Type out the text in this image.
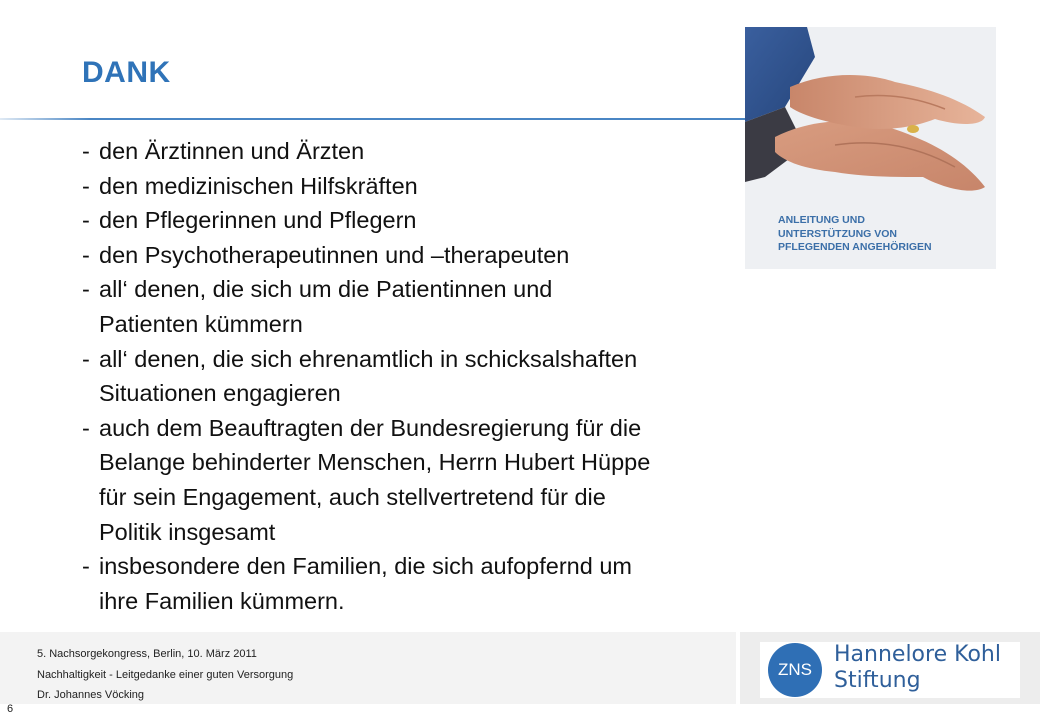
DANK
- den Ärztinnen und Ärzten
- den medizinischen Hilfskräften
- den Pflegerinnen und Pflegern
- den Psychotherapeutinnen und –therapeuten
- all‘ denen, die sich um die Patientinnen und
Patienten kümmern
- all‘ denen, die sich ehrenamtlich in schicksalshaften
Situationen engagieren
- auch dem Beauftragten der Bundesregierung für die
Belange behinderter Menschen, Herrn Hubert Hüppe
für sein Engagement, auch stellvertretend für die
Politik insgesamt
- insbesondere den Familien, die sich aufopfernd um
ihre Familien kümmern.
ANLEITUNG UND
UNTERSTÜTZUNG VON
PFLEGENDEN ANGEHÖRIGEN
5. Nachsorgekongress, Berlin, 10. März 2011
Nachhaltigkeit - Leitgedanke einer guten Versorgung
Dr. Johannes Vöcking
6
ZNS
Hannelore Kohl
Stiftung
